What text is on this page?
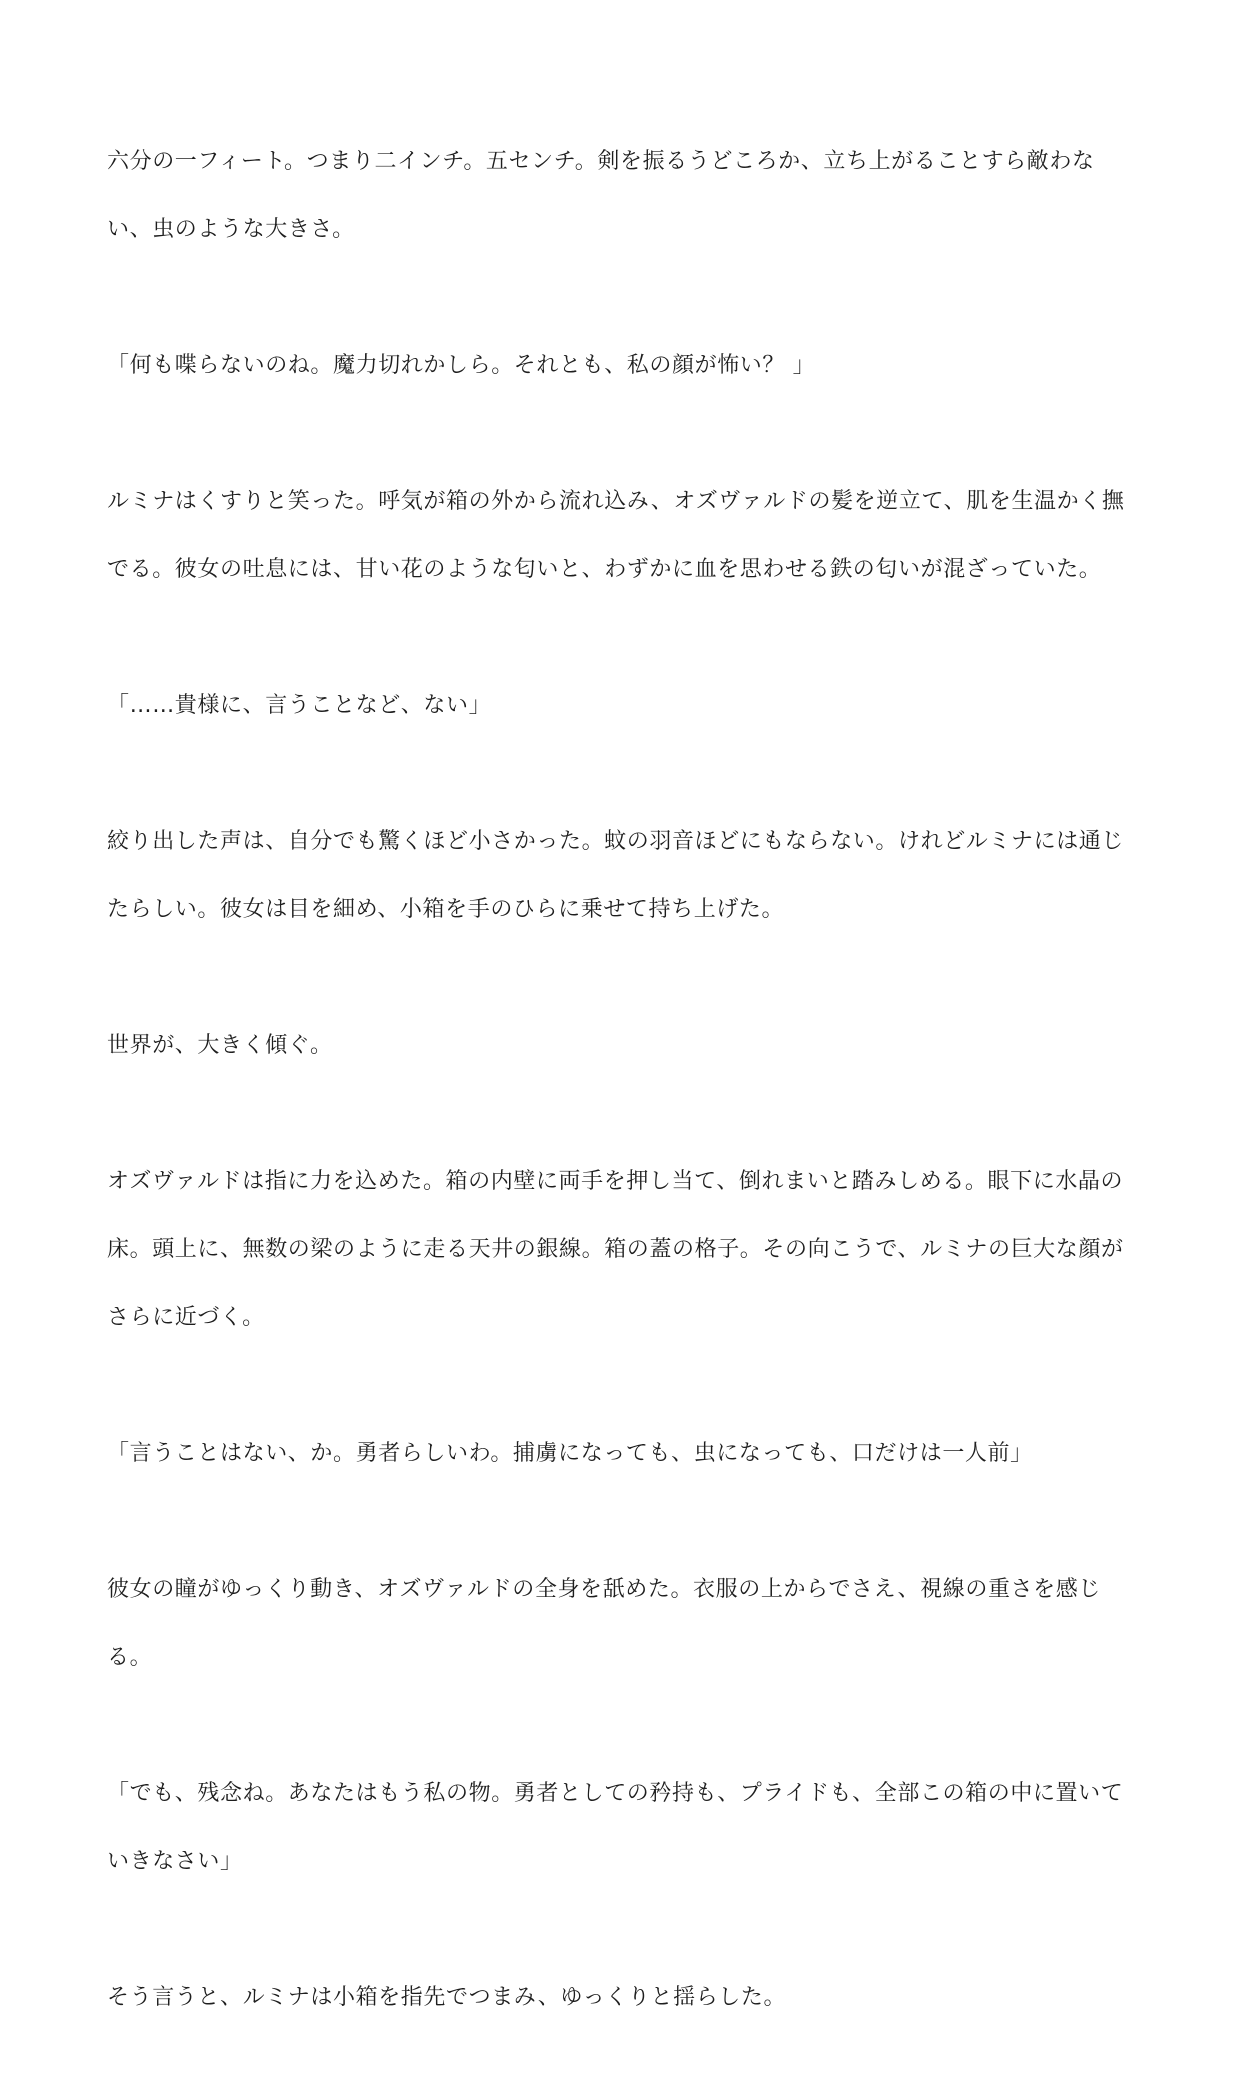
六分の一フィート。つまり二インチ。五センチ。剣を振るうどころか、立ち上がることすら敵わない、虫のような大きさ。

「何も喋らないのね。魔力切れかしら。それとも、私の顔が怖い？ 」

ルミナはくすりと笑った。呼気が箱の外から流れ込み、オズヴァルドの髪を逆立て、肌を生温かく撫でる。彼女の吐息には、甘い花のような匂いと、わずかに血を思わせる鉄の匂いが混ざっていた。

「……貴様に、言うことなど、ない」

絞り出した声は、自分でも驚くほど小さかった。蚊の羽音ほどにもならない。けれどルミナには通じたらしい。彼女は目を細め、小箱を手のひらに乗せて持ち上げた。

世界が、大きく傾ぐ。

オズヴァルドは指に力を込めた。箱の内壁に両手を押し当て、倒れまいと踏みしめる。眼下に水晶の床。頭上に、無数の梁のように走る天井の銀線。箱の蓋の格子。その向こうで、ルミナの巨大な顔がさらに近づく。

「言うことはない、か。勇者らしいわ。捕虜になっても、虫になっても、口だけは一人前」

彼女の瞳がゆっくり動き、オズヴァルドの全身を舐めた。衣服の上からでさえ、視線の重さを感じる。

「でも、残念ね。あなたはもう私の物。勇者としての矜持も、プライドも、全部この箱の中に置いていきなさい」

そう言うと、ルミナは小箱を指先でつまみ、ゆっくりと揺らした。
